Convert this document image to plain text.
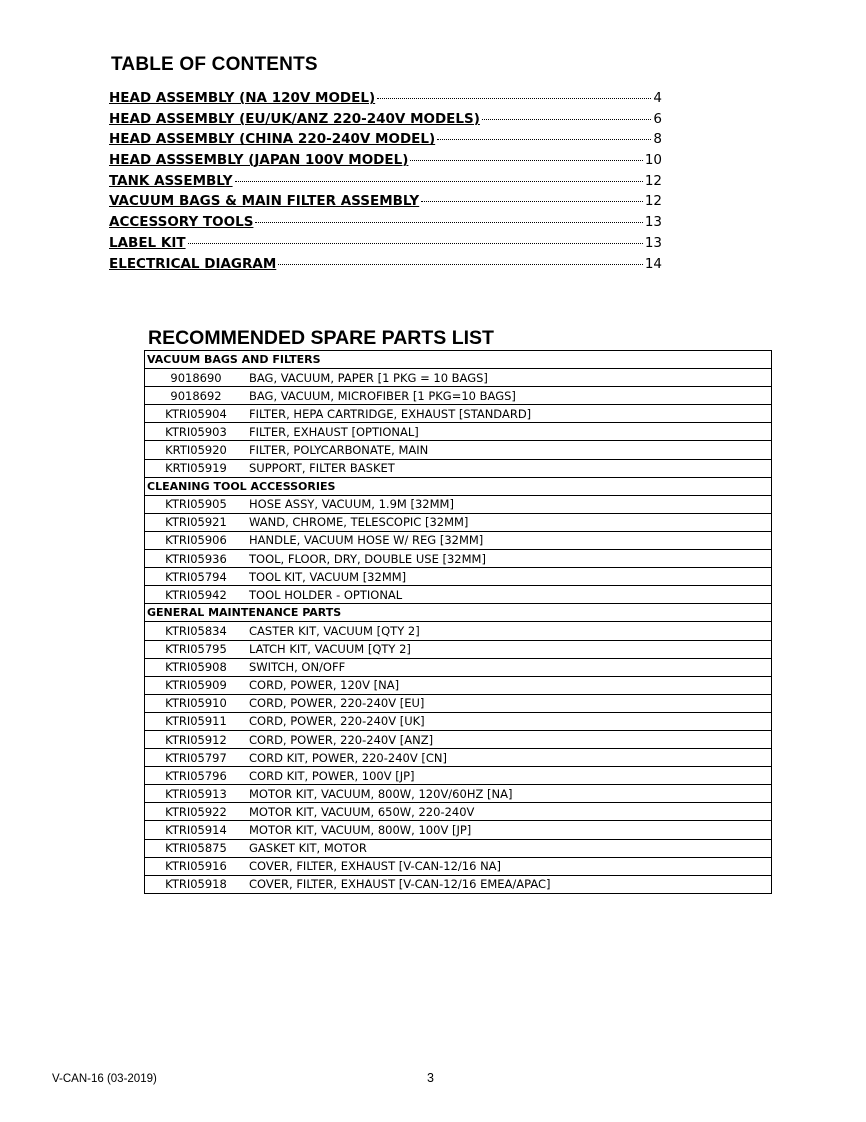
TABLE OF CONTENTS
HEAD ASSEMBLY (NA 120V MODEL)	4
HEAD ASSEMBLY (EU/UK/ANZ 220-240V MODELS)	6
HEAD ASSEMBLY (CHINA 220-240V MODEL)	8
HEAD ASSSEMBLY (JAPAN 100V MODEL)	10
TANK ASSEMBLY	12
VACUUM BAGS & MAIN FILTER ASSEMBLY	12
ACCESSORY TOOLS	13
LABEL KIT	13
ELECTRICAL DIAGRAM	14
RECOMMENDED SPARE PARTS LIST
VACUUM BAGS AND FILTERS
9018690 BAG, VACUUM, PAPER [1 PKG = 10 BAGS]
9018692 BAG, VACUUM, MICROFIBER [1 PKG=10 BAGS]
KTRI05904 FILTER, HEPA CARTRIDGE, EXHAUST [STANDARD]
KTRI05903 FILTER, EXHAUST [OPTIONAL]
KRTI05920 FILTER, POLYCARBONATE, MAIN
KRTI05919 SUPPORT, FILTER BASKET
CLEANING TOOL ACCESSORIES
KTRI05905 HOSE ASSY, VACUUM, 1.9M [32MM]
KTRI05921 WAND, CHROME, TELESCOPIC [32MM]
KTRI05906 HANDLE, VACUUM HOSE W/ REG [32MM]
KTRI05936 TOOL, FLOOR, DRY, DOUBLE USE [32MM]
KTRI05794 TOOL KIT, VACUUM [32MM]
KTRI05942 TOOL HOLDER - OPTIONAL
GENERAL MAINTENANCE PARTS
KTRI05834 CASTER KIT, VACUUM [QTY 2]
KTRI05795 LATCH KIT, VACUUM [QTY 2]
KTRI05908 SWITCH, ON/OFF
KTRI05909 CORD, POWER, 120V [NA]
KTRI05910 CORD, POWER, 220-240V [EU]
KTRI05911 CORD, POWER, 220-240V [UK]
KTRI05912 CORD, POWER, 220-240V [ANZ]
KTRI05797 CORD KIT, POWER, 220-240V [CN]
KTRI05796 CORD KIT, POWER, 100V [JP]
KTRI05913 MOTOR KIT, VACUUM, 800W, 120V/60HZ [NA]
KTRI05922 MOTOR KIT, VACUUM, 650W, 220-240V
KTRI05914 MOTOR KIT, VACUUM, 800W, 100V [JP]
KTRI05875 GASKET KIT, MOTOR
KTRI05916 COVER, FILTER, EXHAUST [V-CAN-12/16 NA]
KTRI05918 COVER, FILTER, EXHAUST [V-CAN-12/16 EMEA/APAC]
V-CAN-16 (03-2019)	3
